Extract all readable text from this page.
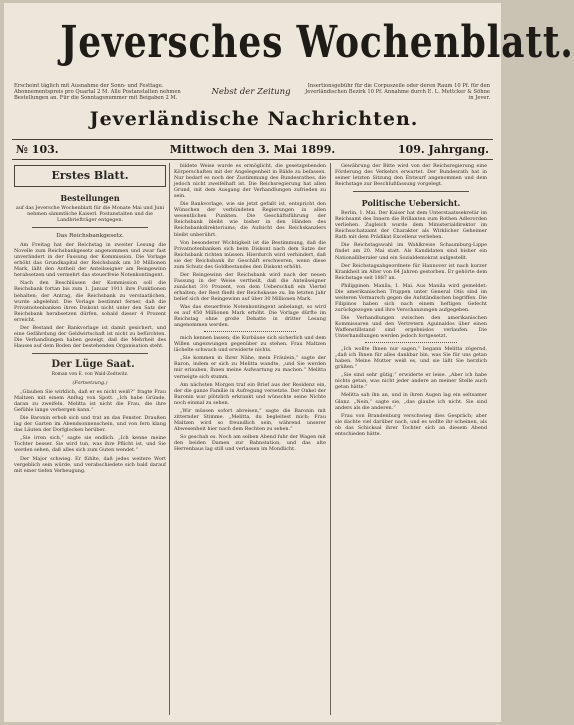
Jeversches Wochenblatt.
Erscheint täglich mit Ausnahme der Sonn- und Festtage. Abonnementspreis pro Quartal 2 M. Alle Postanstalten nehmen Bestellungen an. Für die Sonntagsnummer mit Beigaben 2 M.
Nebst der Zeitung
Insertionsgebühr für die Corpuszeile oder deren Raum 10 Pf. für den Jeverländischen Bezirk 10 Pf. Annahme durch E. L. Mettcker & Söhne in Jever.
Jeverländische Nachrichten.
№ 103.	Mittwoch den 3. Mai 1899.	109. Jahrgang.
Erstes Blatt.
Bestellungen

auf das Jeversche Wochenblatt für die Monate Mai und Juni nehmen sämmtliche Kaiserl. Postanstalten und die Landbriefträger entgegen.

Das Reichsbankgesetz.

Am Freitag hat der Reichstag in zweiter Lesung die Novelle zum Reichsbankgesetz angenommen und zwar fast unverändert in der Fassung der Kommission. Die Vorlage erhöht das Grundkapital der Reichsbank um 30 Millionen Mark, läßt den Antheil der Anteilseigner am Reingewinn herabsetzen und vermehrt das steuerfreie Notenkontingent.

Nach den Beschlüssen der Kommission soll die Reichsbank fortan bis zum 1. Januar 1911 ihre Funktionen behalten; der Antrag, die Reichsbank zu verstaatlichen, wurde abgelehnt. Die Vorlage bestimmt ferner, daß die Privatnotenbanken ihren Diskont nicht unter den Satz der Reichsbank herabsetzen dürfen, sobald dieser 4 Prozent erreicht.

Der Bestand der Bankvorlage ist damit gesichert, und eine Gefährdung der Geldwirtschaft ist nicht zu befürchten. Die Verhandlungen haben gezeigt, daß die Mehrheit des Hauses auf dem Boden der bestehenden Organisation steht.

Der Lüge Saat.

Roman von E. von Wald-Zedtwitz.

(Fortsetzung.)

„Glauben Sie wirklich, daß er es nicht weiß?“ fragte Frau Maltzen mit einem Anflug von Spott. „Ich habe Gründe, daran zu zweifeln. Melitta ist nicht die Frau, die ihre Gefühle lange verbergen kann.“

Die Baronin erhob sich und trat an das Fenster. Draußen lag der Garten im Abendsonnenschein, und von fern klang das Läuten der Dorfglocken herüber.

„Sie irren sich,“ sagte sie endlich. „Ich kenne meine Tochter besser. Sie wird tun, was ihre Pflicht ist, und Sie werden sehen, daß alles sich zum Guten wendet.“

Der Major schwieg. Er fühlte, daß jedes weitere Wort vergeblich sein würde, und verabschiedete sich bald darauf mit einer tiefen Verbeugung.

bildete Weise wurde es ermöglicht, die gesetzgebenden Körperschaften mit der Angelegenheit in Bälde zu befassen. Nur bedarf es noch der Zustimmung des Bundesrathes, die jedoch nicht zweifelhaft ist. Die Reichsregierung hat allen Grund, mit dem Ausgang der Verhandlungen zufrieden zu sein.

Die Bankvorlage, wie sie jetzt gefaßt ist, entspricht den Wünschen der verbündeten Regierungen in allen wesentlichen Punkten. Die Geschäftsführung der Reichsbank bleibt wie bisher in den Händen des Reichsbankdirektoriums; die Aufsicht des Reichskanzlers bleibt unberührt.

Von besonderer Wichtigkeit ist die Bestimmung, daß die Privatnotenbanken sich beim Diskont nach dem Satze der Reichsbank richten müssen. Hierdurch wird verhindert, daß sie der Reichsbank ihr Geschäft erschweren, wenn diese zum Schutz des Goldbestandes den Diskont erhöht.

Der Reingewinn der Reichsbank wird nach der neuen Fassung in der Weise vertheilt, daß die Anteilseigner zunächst 3½ Prozent, von dem Ueberschuß ein Viertel erhalten; der Rest fließt der Reichskasse zu. Im letzten Jahr belief sich der Reingewinn auf über 30 Millionen Mark.

Was das steuerfreie Notenkontingent anbelangt, so wird es auf 450 Millionen Mark erhöht. Die Vorlage dürfte im Reichstag ohne große Debatte in dritter Lesung angenommen werden.

mich kennen lassen; die Kurbäuse sich sicherlich und dem Willen ungezwungen gegenüber zu stehen. Frau Maltzen lächelte schwach und erwiderte nichts.

„Sie kommen in Ihrer Nähe, mein Fräulein,“ sagte der Baron, indem er sich zu Melitta wandte, „und Sie werden mir erlauben, Ihnen meine Aufwartung zu machen.“ Melitta verneigte sich stumm.

Am nächsten Morgen traf ein Brief aus der Residenz ein, der die ganze Familie in Aufregung versetzte. Der Onkel der Baronin war plötzlich erkrankt und wünschte seine Nichte noch einmal zu sehen.

„Wir müssen sofort abreisen,“ sagte die Baronin mit zitternder Stimme. „Melitta, du begleitest mich; Frau Maltzen wird so freundlich sein, während unserer Abwesenheit hier nach dem Rechten zu sehen.“

So geschah es. Noch am selben Abend fuhr der Wagen mit den beiden Damen zur Bahnstation, und das alte Herrenhaus lag still und verlassen im Mondlicht.

Gewährung der Bitte wird von der Reichsregierung eine Förderung des Verkehrs erwartet. Der Bundesrath hat in seiner letzten Sitzung den Entwurf angenommen und dem Reichstage zur Beschlußfassung vorgelegt.

Politische Uebersicht.

Berlin, 1. Mai. Der Kaiser hat dem Unterstaatssekretär im Reichsamt des Innern die Brillanten zum Rothen Adlerorden verliehen. Zugleich wurde dem Ministerialdirektor im Reichsschatzamt der Charakter als Wirklicher Geheimer Rath mit dem Prädikat Excellenz verliehen.

Die Reichstagswahl im Wahlkreise Schaumburg-Lippe findet am 20. Mai statt. Als Kandidaten sind bisher ein Nationalliberaler und ein Sozialdemokrat aufgestellt.

Der Reichstagsabgeordnete für Hannover ist nach kurzer Krankheit im Alter von 64 Jahren gestorben. Er gehörte dem Reichstage seit 1887 an.

Philippinen. Manila, 1. Mai. Aus Manila wird gemeldet: Die amerikanischen Truppen unter General Otis sind im weiteren Vormarsch gegen die Aufständischen begriffen. Die Filipinos haben sich nach einem heftigen Gefecht zurückgezogen und ihre Verschanzungen aufgegeben.

Die Verhandlungen zwischen den amerikanischen Kommissaren und den Vertretern Aguinaldos über einen Waffenstillstand sind ergebnislos verlaufen. Die Unterhandlungen werden jedoch fortgesetzt.

„Ich wollte Ihnen nur sagen,“ begann Melitta zögernd, „daß ich Ihnen für alles dankbar bin, was Sie für uns getan haben. Meine Mutter weiß es, und sie läßt Sie herzlich grüßen.“

„Sie sind sehr gütig,“ erwiderte er leise. „Aber ich habe nichts getan, was nicht jeder andere an meiner Stelle auch getan hätte.“

Melitta sah ihn an, und in ihren Augen lag ein seltsamer Glanz. „Nein,“ sagte sie, „das glaube ich nicht. Sie sind anders als die anderen.“

Frau von Brandenburg verschwieg dies Gespräch; aber sie dachte viel darüber nach, und es wollte ihr scheinen, als ob das Schicksal ihrer Tochter sich an diesem Abend entschieden hätte.
